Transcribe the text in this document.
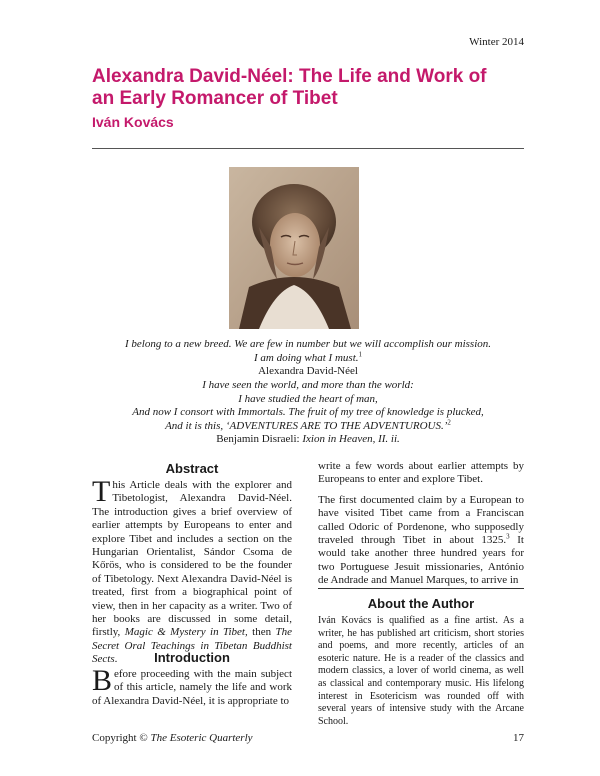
Winter 2014
Alexandra David-Néel: The Life and Work of an Early Romancer of Tibet
Iván Kovács
I belong to a new breed. We are few in number but we will accomplish our mission.
I am doing what I must.$^1$
Alexandra David-Néel
I have seen the world, and more than the world:
I have studied the heart of man,
And now I consort with Immortals. The fruit of my tree of knowledge is plucked,
And it is this, ‘ADVENTURES ARE TO THE ADVENTUROUS.’$^2$
Benjamin Disraeli: Ixion in Heaven, II. ii.
Abstract

This Article deals with the explorer and Tibetologist, Alexandra David-Néel. The introduction gives a brief overview of earlier attempts by Europeans to enter and explore Tibet and includes a section on the Hungarian Orientalist, Sándor Csoma de Kőrös, who is considered to be the founder of Tibetology. Next Alexandra David-Néel is treated, first from a biographical point of view, then in her capacity as a writer. Two of her books are discussed in some detail, firstly, Magic & Mystery in Tibet, then The Secret Oral Teachings in Tibetan Buddhist Sects.	Introduction

Before proceeding with the main subject of this article, namely the life and work of Alexandra David-Néel, it is appropriate to

write a few words about earlier attempts by Europeans to enter and explore Tibet.

The first documented claim by a European to have visited Tibet came from a Franciscan called Odoric of Pordenone, who supposedly traveled through Tibet in about 1325.$^3$ It would take another three hundred years for two Portuguese Jesuit missionaries, António de Andrade and Manuel Marques, to arrive in

About the Author
Iván Kovács is qualified as a fine artist. As a writer, he has published art criticism, short stories and poems, and more recently, articles of an esoteric nature. He is a reader of the classics and modern classics, a lover of world cinema, as well as classical and contemporary music. His lifelong interest in Esotericism was rounded off with several years of intensive study with the Arcane School.
Copyright © The Esoteric Quarterly	17
